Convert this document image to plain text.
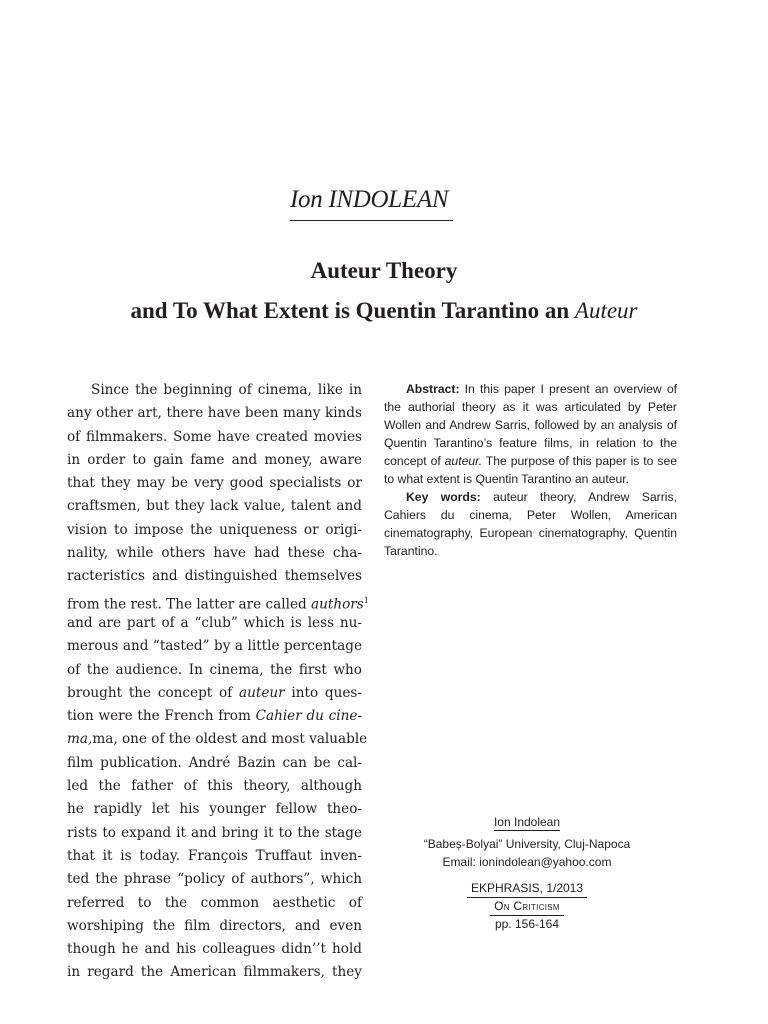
Ion INDOLEAN
Auteur Theory
and To What Extent is Quentin Tarantino an Auteur
Since the beginning of cinema, like in
any other art, there have been many kinds
of filmmakers. Some have created movies
in order to gain fame and money, aware
that they may be very good specialists or
craftsmen, but they lack value, talent and
vision to impose the uniqueness or origi-
nality, while others have had these cha-
racteristics and distinguished themselves
from the rest. The latter are called authors$^1$
and are part of a “club” which is less nu-
merous and “tasted” by a little percentage
of the audience. In cinema, the first who
brought the concept of auteur into ques-
tion were the French from Cahier du cine-
ma,ma, one of the oldest and most valuable
film publication. André Bazin can be cal-
led the father of this theory, although
he rapidly let his younger fellow theo-
rists to expand it and bring it to the stage
that it is today. François Truffaut inven-
ted the phrase “policy of authors”, which
referred to the common aesthetic of
worshiping the film directors, and even
though he and his colleagues didn’’t hold
in regard the American filmmakers, they

Abstract: In this paper I present an overview of the authorial theory as it was articulated by Peter Wollen and Andrew Sarris, followed by an analysis of Quentin Tarantino’s feature films, in relation to the concept of auteur. The purpose of this paper is to see to what extent is Quentin Tarantino an auteur.

Key words: auteur theory, Andrew Sarris, Cahiers du cinema, Peter Wollen, American cinematography, European cinematography, Quentin Tarantino.

Ion Indolean
“Babeș-Bolyai” University, Cluj-Napoca
Email: ionindolean@yahoo.com
EKPHRASIS, 1/2013
On Criticism
pp. 156-164
